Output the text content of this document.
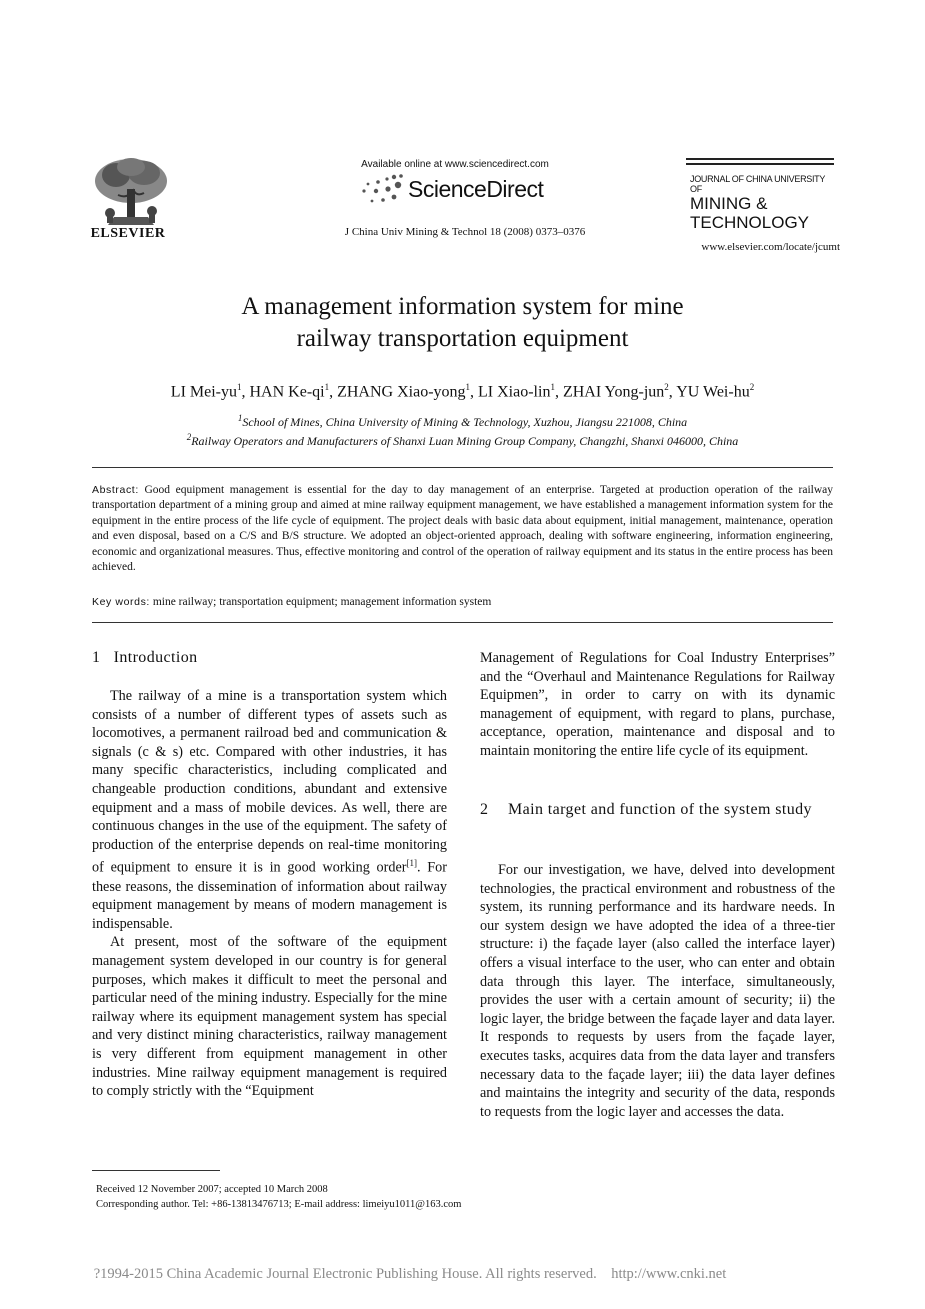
ELSEVIER
Available online at www.sciencedirect.com
ScienceDirect
J China Univ Mining & Technol 18 (2008) 0373–0376
JOURNAL OF CHINA UNIVERSITY OF
MINING &
TECHNOLOGY
www.elsevier.com/locate/jcumt
A management information system for mine
railway transportation equipment
LI Mei-$yu^1$, HAN $Ke-qi^1$, ZHANG Xiao-yong$^1$, LI Xiao-lin$^1$, ZHAI Yong-jun$^2$, YU Wei-$hu^2$
$^1$School of Mines, China University of Mining & Technology, Xuzhou, Jiangsu 221008, China
$^2$Railway Operators and Manufacturers of Shanxi Luan Mining Group Company, Changzhi, Shanxi 046000, China
Abstract: Good equipment management is essential for the day to day management of an enterprise. Targeted at production operation of the railway transportation department of a mining group and aimed at mine railway equipment management, we have established a management information system for the equipment in the entire process of the life cycle of equipment. The project deals with basic data about equipment, initial management, maintenance, operation and even disposal, based on a C/S and B/S structure. We adopted an object-oriented approach, dealing with software engineering, information engineering, economic and organizational measures. Thus, effective monitoring and control of the operation of railway equipment and its status in the entire process has been achieved.
Key words: mine railway; transportation equipment; management information system
1 Introduction

The railway of a mine is a transportation system which consists of a number of different types of assets such as locomotives, a permanent railroad bed and communication & signals (c & s) etc. Compared with other industries, it has many specific characteristics, including complicated and changeable production conditions, abundant and extensive equipment and a mass of mobile devices. As well, there are continuous changes in the use of the equipment. The safety of production of the enterprise depends on real-time monitoring of equipment to ensure it is in good working order[1]. For these reasons, the dissemination of information about railway equipment management by means of modern management is indispensable.

At present, most of the software of the equipment management system developed in our country is for general purposes, which makes it difficult to meet the personal and particular need of the mining industry. Especially for the mine railway where its equipment management system has special and very distinct mining characteristics, railway management is very different from equipment management in other industries. Mine railway equipment management is required to comply strictly with the “Equipment

Management of Regulations for Coal Industry Enterprises” and the “Overhaul and Maintenance Regulations for Railway Equipmen”, in order to carry on with its dynamic management of equipment, with regard to plans, purchase, acceptance, operation, maintenance and disposal and to maintain monitoring the entire life cycle of its equipment.

2	Main target and function of the system study

For our investigation, we have, delved into development technologies, the practical environment and robustness of the system, its running performance and its hardware needs. In our system design we have adopted the idea of a three-tier structure: i) the façade layer (also called the interface layer) offers a visual interface to the user, who can enter and obtain data through this layer. The interface, simultaneously, provides the user with a certain amount of security; ii) the logic layer, the bridge between the façade layer and data layer. It responds to requests by users from the façade layer, executes tasks, acquires data from the data layer and transfers necessary data to the façade layer; iii) the data layer defines and maintains the integrity and security of the data, responds to requests from the logic layer and accesses the data.

Received 12 November 2007; accepted 10 March 2008
Corresponding author. Tel: +86-13813476713; E-mail address: limeiyu1011@163.com
?1994-2015 China Academic Journal Electronic Publishing House. All rights reserved.    http://www.cnki.net
